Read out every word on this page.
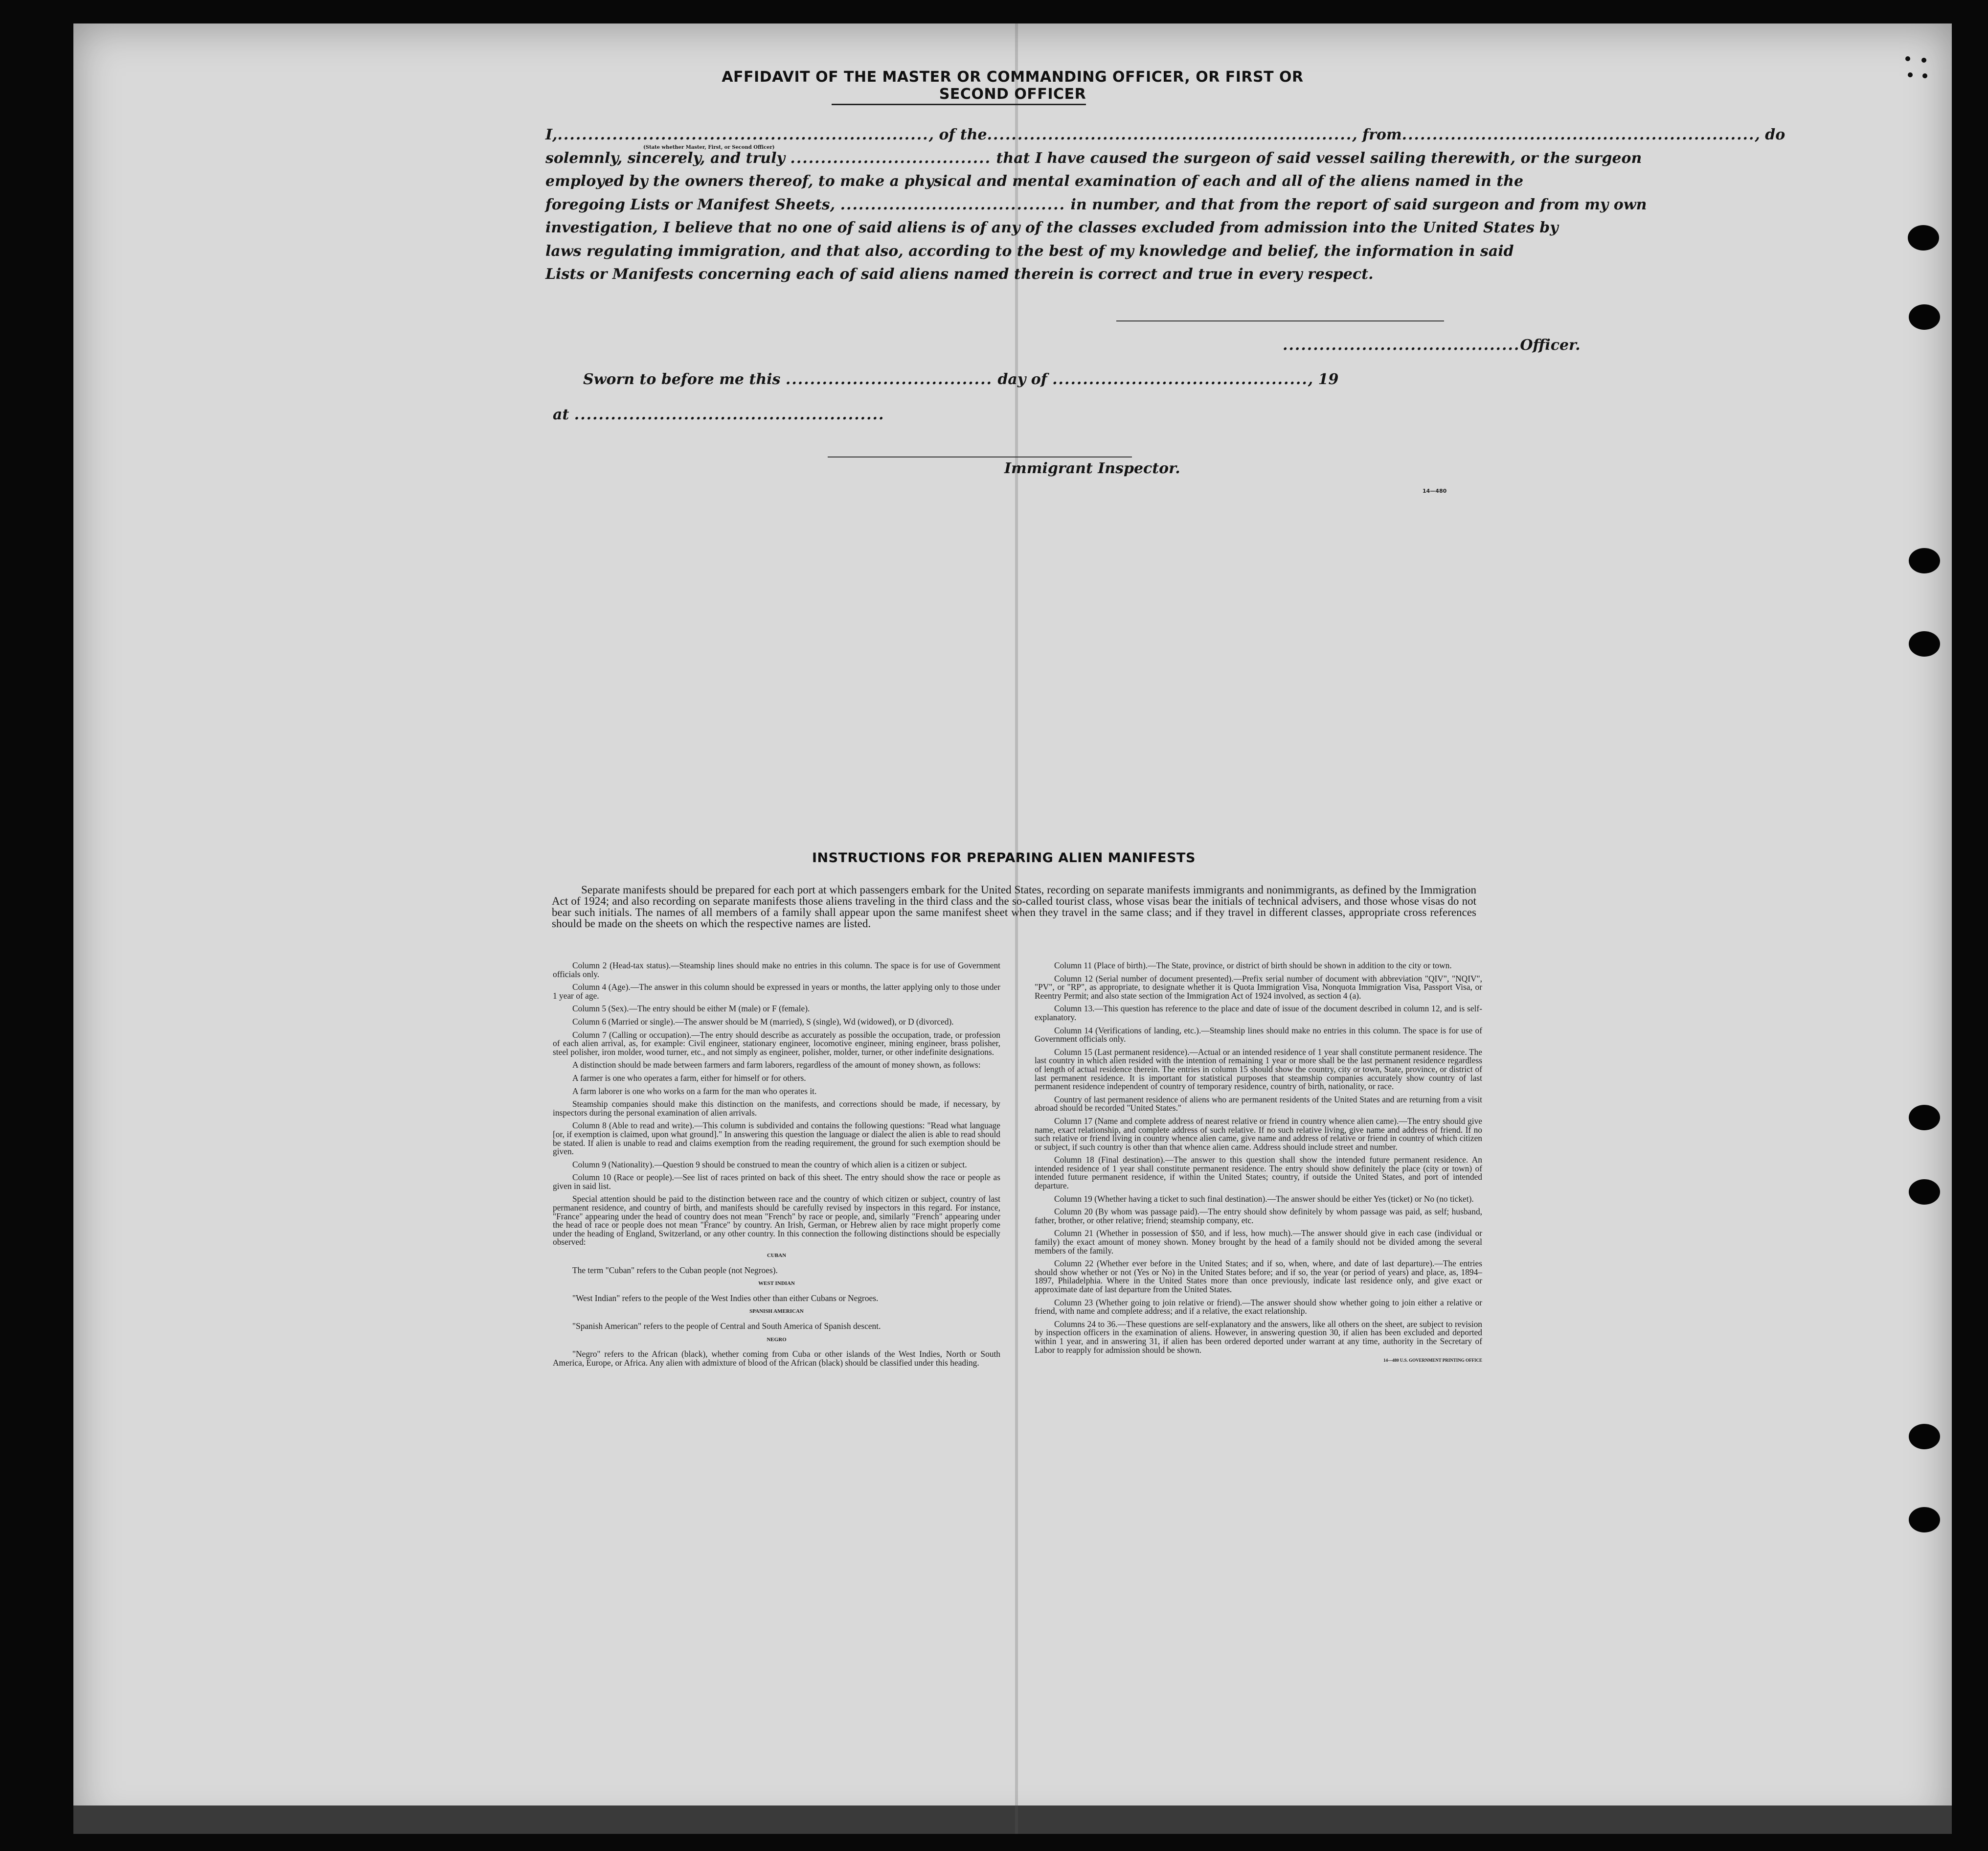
AFFIDAVIT OF THE MASTER OR COMMANDING OFFICER, OR FIRST OR SECOND OFFICER
I,............................................................., of the............................................................, from.........................................................., do
(State whether Master, First, or Second Officer)
solemnly, sincerely, and truly ................................. that I have caused the surgeon of said vessel sailing therewith, or the surgeon
employed by the owners thereof, to make a physical and mental examination of each and all of the aliens named in the
foregoing Lists or Manifest Sheets, ..................................... in number, and that from the report of said surgeon and from my own
investigation, I believe that no one of said aliens is of any of the classes excluded from admission into the United States by
laws regulating immigration, and that also, according to the best of my knowledge and belief, the information in said
Lists or Manifests concerning each of said aliens named therein is correct and true in every respect.
.......................................Officer.
Sworn to before me this .................................. day of .........................................., 19
at ...................................................
Immigrant Inspector.
14—480
INSTRUCTIONS FOR PREPARING ALIEN MANIFESTS
Separate manifests should be prepared for each port at which passengers embark for the United States, recording on separate manifests immigrants and nonimmigrants, as defined by the Immigration Act of 1924; and also recording on separate manifests those aliens traveling in the third class and the so-called tourist class, whose visas bear the initials of technical advisers, and those whose visas do not bear such initials. The names of all members of a family shall appear upon the same manifest sheet when they travel in the same class; and if they travel in different classes, appropriate cross references should be made on the sheets on which the respective names are listed.

Column 2 (Head-tax status).—Steamship lines should make no entries in this column. The space is for use of Government officials only.

Column 4 (Age).—The answer in this column should be expressed in years or months, the latter applying only to those under 1 year of age.

Column 5 (Sex).—The entry should be either M (male) or F (female).

Column 6 (Married or single).—The answer should be M (married), S (single), Wd (widowed), or D (divorced).

Column 7 (Calling or occupation).—The entry should describe as accurately as possible the occupation, trade, or profession of each alien arrival, as, for example: Civil engineer, stationary engineer, locomotive engineer, mining engineer, brass polisher, steel polisher, iron molder, wood turner, etc., and not simply as engineer, polisher, molder, turner, or other indefinite designations.

A distinction should be made between farmers and farm laborers, regardless of the amount of money shown, as follows:

A farmer is one who operates a farm, either for himself or for others.

A farm laborer is one who works on a farm for the man who operates it.

Steamship companies should make this distinction on the manifests, and corrections should be made, if necessary, by inspectors during the personal examination of alien arrivals.

Column 8 (Able to read and write).—This column is subdivided and contains the following questions: "Read what language [or, if exemption is claimed, upon what ground]." In answering this question the language or dialect the alien is able to read should be stated. If alien is unable to read and claims exemption from the reading requirement, the ground for such exemption should be given.

Column 9 (Nationality).—Question 9 should be construed to mean the country of which alien is a citizen or subject.

Column 10 (Race or people).—See list of races printed on back of this sheet. The entry should show the race or people as given in said list.

Special attention should be paid to the distinction between race and the country of which citizen or subject, country of last permanent residence, and country of birth, and manifests should be carefully revised by inspectors in this regard. For instance, "France" appearing under the head of country does not mean "French" by race or people, and, similarly "French" appearing under the head of race or people does not mean "France" by country. An Irish, German, or Hebrew alien by race might properly come under the heading of England, Switzerland, or any other country. In this connection the following distinctions should be especially observed:

CUBAN

The term "Cuban" refers to the Cuban people (not Negroes).

WEST INDIAN

"West Indian" refers to the people of the West Indies other than either Cubans or Negroes.

SPANISH AMERICAN

"Spanish American" refers to the people of Central and South America of Spanish descent.

NEGRO

"Negro" refers to the African (black), whether coming from Cuba or other islands of the West Indies, North or South America, Europe, or Africa. Any alien with admixture of blood of the African (black) should be classified under this heading.

Column 11 (Place of birth).—The State, province, or district of birth should be shown in addition to the city or town.

Column 12 (Serial number of document presented).—Prefix serial number of document with abbreviation "QIV", "NQIV", "PV", or "RP", as appropriate, to designate whether it is Quota Immigration Visa, Nonquota Immigration Visa, Passport Visa, or Reentry Permit; and also state section of the Immigration Act of 1924 involved, as section 4 (a).

Column 13.—This question has reference to the place and date of issue of the document described in column 12, and is self-explanatory.

Column 14 (Verifications of landing, etc.).—Steamship lines should make no entries in this column. The space is for use of Government officials only.

Column 15 (Last permanent residence).—Actual or an intended residence of 1 year shall constitute permanent residence. The last country in which alien resided with the intention of remaining 1 year or more shall be the last permanent residence regardless of length of actual residence therein. The entries in column 15 should show the country, city or town, State, province, or district of last permanent residence. It is important for statistical purposes that steamship companies accurately show country of last permanent residence independent of country of temporary residence, country of birth, nationality, or race.

Country of last permanent residence of aliens who are permanent residents of the United States and are returning from a visit abroad should be recorded "United States."

Column 17 (Name and complete address of nearest relative or friend in country whence alien came).—The entry should give name, exact relationship, and complete address of such relative. If no such relative living, give name and address of friend. If no such relative or friend living in country whence alien came, give name and address of relative or friend in country of which citizen or subject, if such country is other than that whence alien came. Address should include street and number.

Column 18 (Final destination).—The answer to this question shall show the intended future permanent residence. An intended residence of 1 year shall constitute permanent residence. The entry should show definitely the place (city or town) of intended future permanent residence, if within the United States; country, if outside the United States, and port of intended departure.

Column 19 (Whether having a ticket to such final destination).—The answer should be either Yes (ticket) or No (no ticket).

Column 20 (By whom was passage paid).—The entry should show definitely by whom passage was paid, as self; husband, father, brother, or other relative; friend; steamship company, etc.

Column 21 (Whether in possession of $50, and if less, how much).—The answer should give in each case (individual or family) the exact amount of money shown. Money brought by the head of a family should not be divided among the several members of the family.

Column 22 (Whether ever before in the United States; and if so, when, where, and date of last departure).—The entries should show whether or not (Yes or No) in the United States before; and if so, the year (or period of years) and place, as, 1894–1897, Philadelphia. Where in the United States more than once previously, indicate last residence only, and give exact or approximate date of last departure from the United States.

Column 23 (Whether going to join relative or friend).—The answer should show whether going to join either a relative or friend, with name and complete address; and if a relative, the exact relationship.

Columns 24 to 36.—These questions are self-explanatory and the answers, like all others on the sheet, are subject to revision by inspection officers in the examination of aliens. However, in answering question 30, if alien has been excluded and deported within 1 year, and in answering 31, if alien has been ordered deported under warrant at any time, authority in the Secretary of Labor to reapply for admission should be shown.

14—480 U.S. GOVERNMENT PRINTING OFFICE
